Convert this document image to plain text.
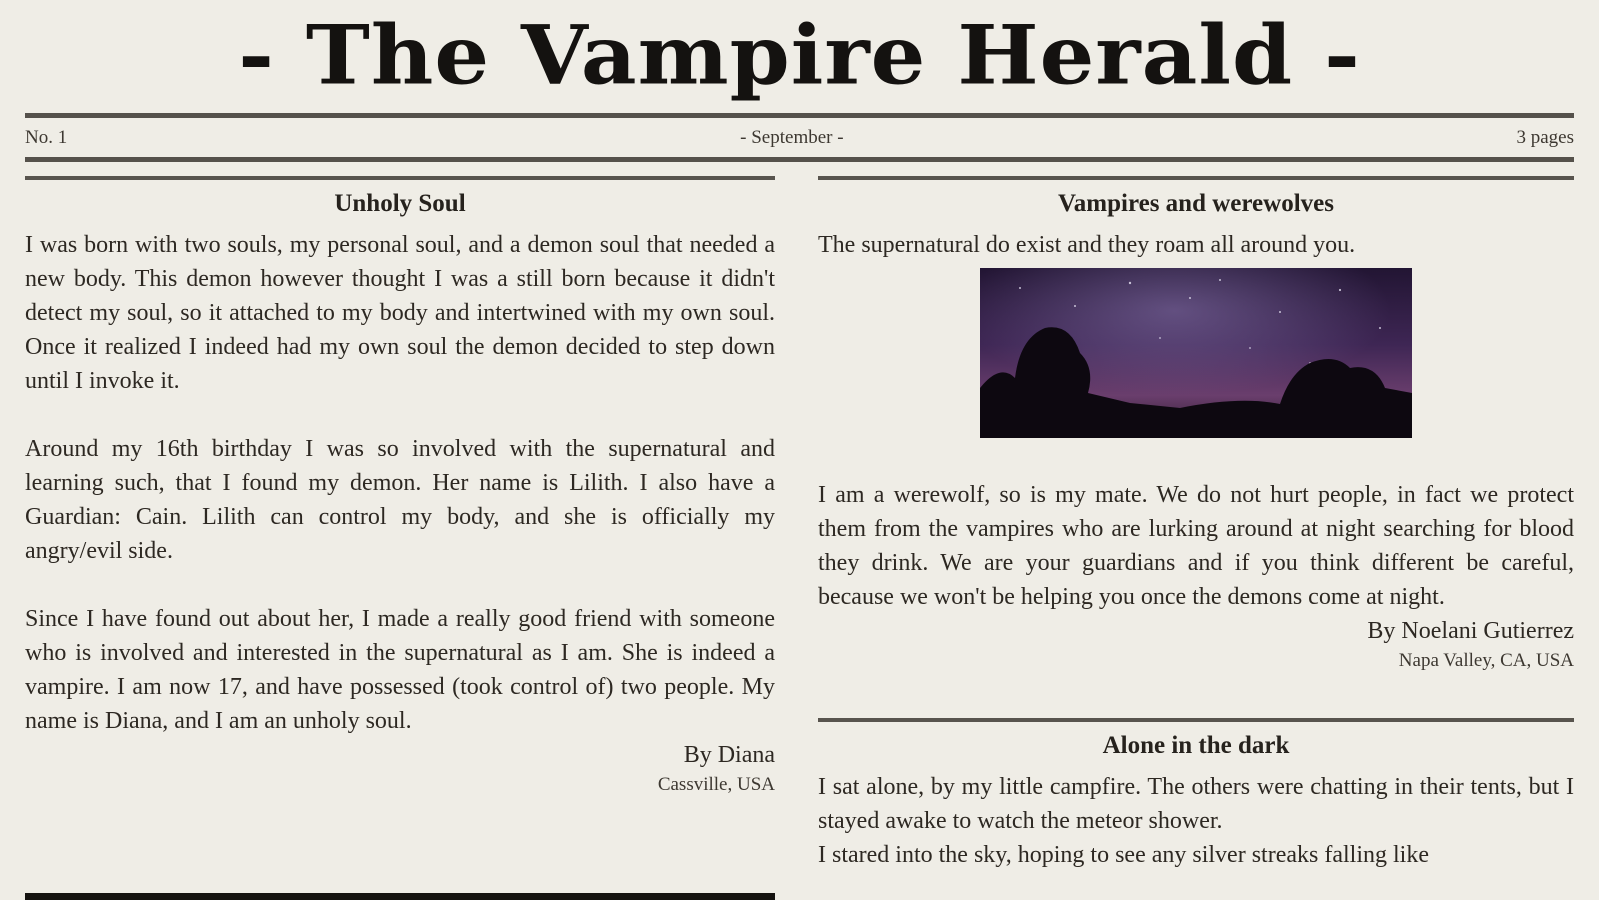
- The Vampire Herald -
No. 1	- September -	3 pages
Unholy Soul

I was born with two souls, my personal soul, and a demon soul that needed a new body. This demon however thought I was a still born because it didn't detect my soul, so it attached to my body and intertwined with my own soul. Once it realized I indeed had my own soul the demon decided to step down until I invoke it.

Around my 16th birthday I was so involved with the supernatural and learning such, that I found my demon. Her name is Lilith. I also have a Guardian: Cain. Lilith can control my body, and she is officially my angry/evil side.

Since I have found out about her, I made a really good friend with someone who is involved and interested in the supernatural as I am. She is indeed a vampire. I am now 17, and have possessed (took control of) two people. My name is Diana, and I am an unholy soul.

By Diana
Cassville, USA
Vampires and werewolves

The supernatural do exist and they roam all around you.

I am a werewolf, so is my mate. We do not hurt people, in fact we protect them from the vampires who are lurking around at night searching for blood they drink. We are your guardians and if you think different be careful, because we won't be helping you once the demons come at night.

By Noelani Gutierrez
Napa Valley, CA, USA
Alone in the dark

I sat alone, by my little campfire. The others were chatting in their tents, but I stayed awake to watch the meteor shower.

I stared into the sky, hoping to see any silver streaks falling like
